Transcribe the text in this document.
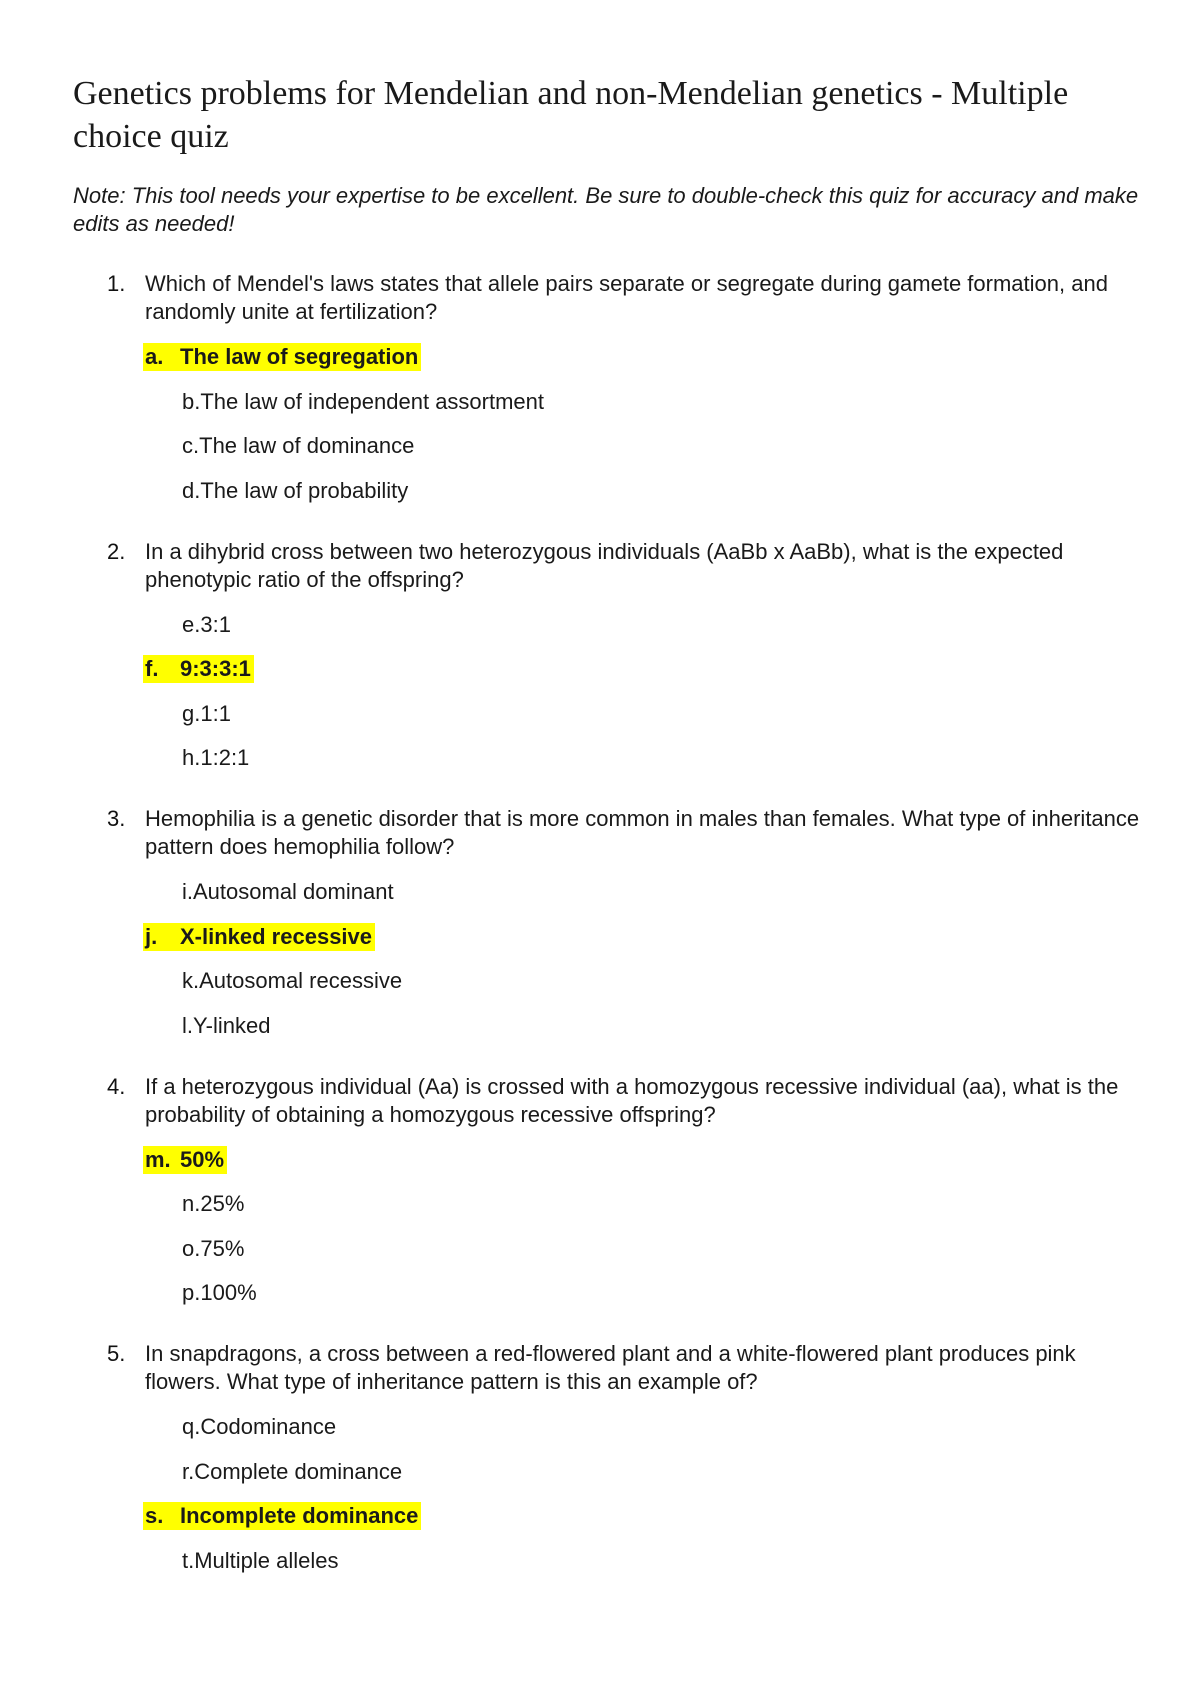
Genetics problems for Mendelian and non-Mendelian genetics - Multiple choice quiz

Note: This tool needs your expertise to be excellent. Be sure to double-check this quiz for accuracy and make edits as needed!

1. Which of Mendel's laws states that allele pairs separate or segregate during gamete formation, and randomly unite at fertilization?
a. The law of segregation
b.The law of independent assortment
c.The law of dominance
d.The law of probability
2. In a dihybrid cross between two heterozygous individuals (AaBb x AaBb), what is the expected phenotypic ratio of the offspring?
e.3:1
f. 9:3:3:1
g.1:1
h.1:2:1
3. Hemophilia is a genetic disorder that is more common in males than females. What type of inheritance pattern does hemophilia follow?
i.Autosomal dominant
j. X-linked recessive
k.Autosomal recessive
l.Y-linked
4. If a heterozygous individual (Aa) is crossed with a homozygous recessive individual (aa), what is the probability of obtaining a homozygous recessive offspring?
m. 50%
n.25%
o.75%
p.100%
5. In snapdragons, a cross between a red-flowered plant and a white-flowered plant produces pink flowers. What type of inheritance pattern is this an example of?
q.Codominance
r.Complete dominance
s. Incomplete dominance
t.Multiple alleles
